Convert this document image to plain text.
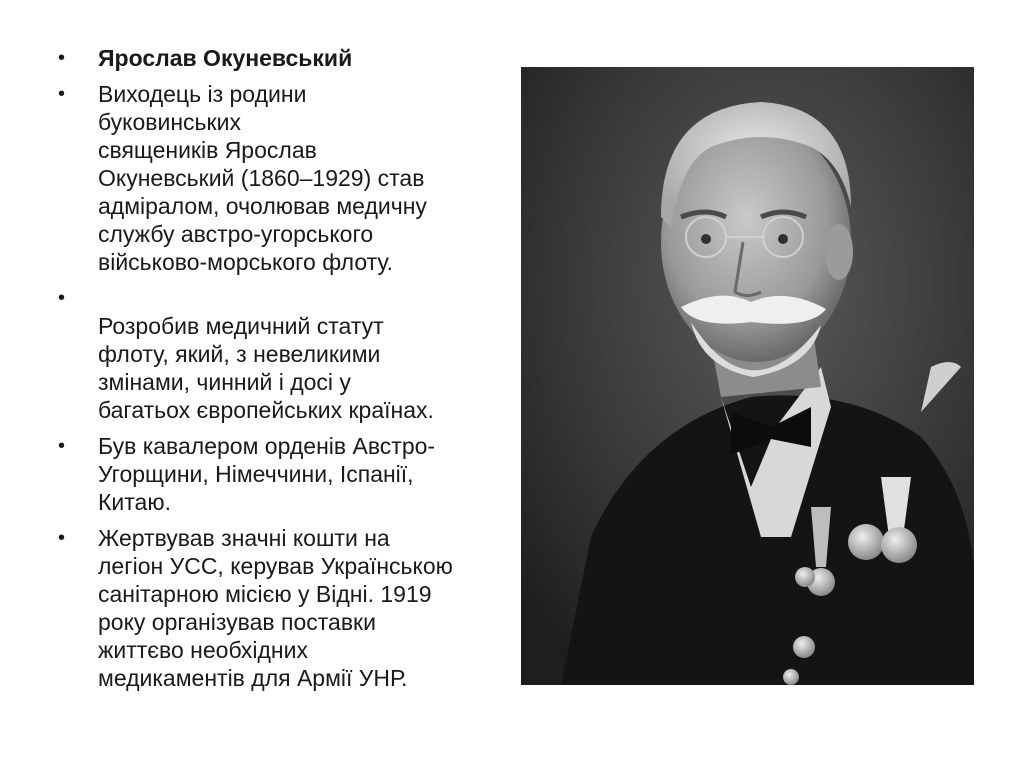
• Ярослав Окуневський
• Виходець із родини
буковинських
священиків Ярослав
Окуневський (1860–1929) став
адміралом, очолював медичну
службу австро-угорського
військово-морського флоту.
•

Розробив медичний статут
флоту, який, з невеликими
змінами, чинний і досі у
багатьох європейських країнах.
• Був кавалером орденів Австро-
Угорщини, Німеччини, Іспанії,
Китаю.
• Жертвував значні кошти на
легіон УСС, керував Українською
санітарною місією у Відні. 1919
року організував поставки
життєво необхідних
медикаментів для Армії УНР.
